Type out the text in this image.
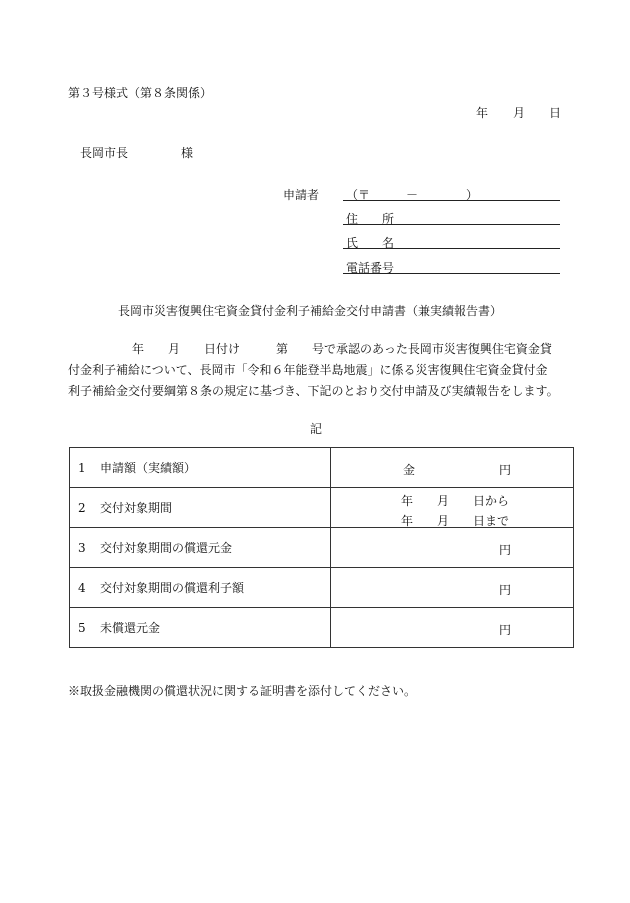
第３号様式（第８条関係）
年 月 日
長岡市長	様
申請者 （〒　　　－　　　　）
住　　所
氏　　名
電話番号
長岡市災害復興住宅資金貸付金利子補給金交付申請書（兼実績報告書）
年　　月　　日付け　　　第　　号で承認のあった長岡市災害復興住宅資金貸
付金利子補給について、長岡市「令和６年能登半島地震」に係る災害復興住宅資金貸付金
利子補給金交付要綱第８条の規定に基づき、下記のとおり交付申請及び実績報告をします。
記
1 申請額（実績額）	金 円

2 交付対象期間	年　　月　　日から
年　　月　　日まで

3 交付対象期間の償還元金	円

4 交付対象期間の償還利子額	円

5 未償還元金	円
※取扱金融機関の償還状況に関する証明書を添付してください。
